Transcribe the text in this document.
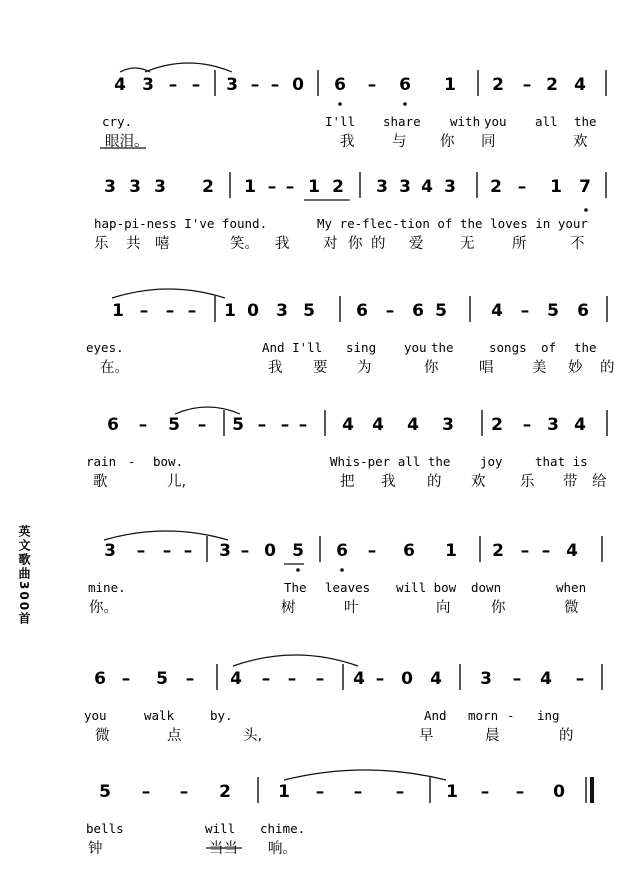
英文歌曲300首
4 3 – – 3 – – 0 6 – 6 1 2 – 2 4
cry.	I'll share with you all the
眼泪。	我	与 你 同	欢
3 3 3 2 1 – – 1 2 3 3 4 3 2 – 1 7
hap-pi-ness I've found.	My re-flec-tion of the loves in your
乐 共 嘻	笑。 我 对 你 的 爱	无	所	不
1 – – – 1 0 3 5 6 – 6 5	4 – 5 6
eyes.	And I'll sing you the	songs of the
在。	我 要 为	你	唱	美 妙 的
6 – 5 – 5 – – – 4 4 4 3 2 – 3 4
rain - bow.	Whis-per all the joy	that is
歌	儿,	把 我 的 欢 乐 带 给
3 – – – 3 – 0 5 6 – 6 1 2 – – 4
mine.	The leaves will bow down	when
你。	树	叶	向	你	微
6 – 5 – 4 – – – 4 – 0 4 3 – 4 –
you	walk	by.	And morn - ing
微	点	头,	早	晨	的
5 – – 2	1 – – – 1 – – 0
bells	will chime.
钟	当当 响。
